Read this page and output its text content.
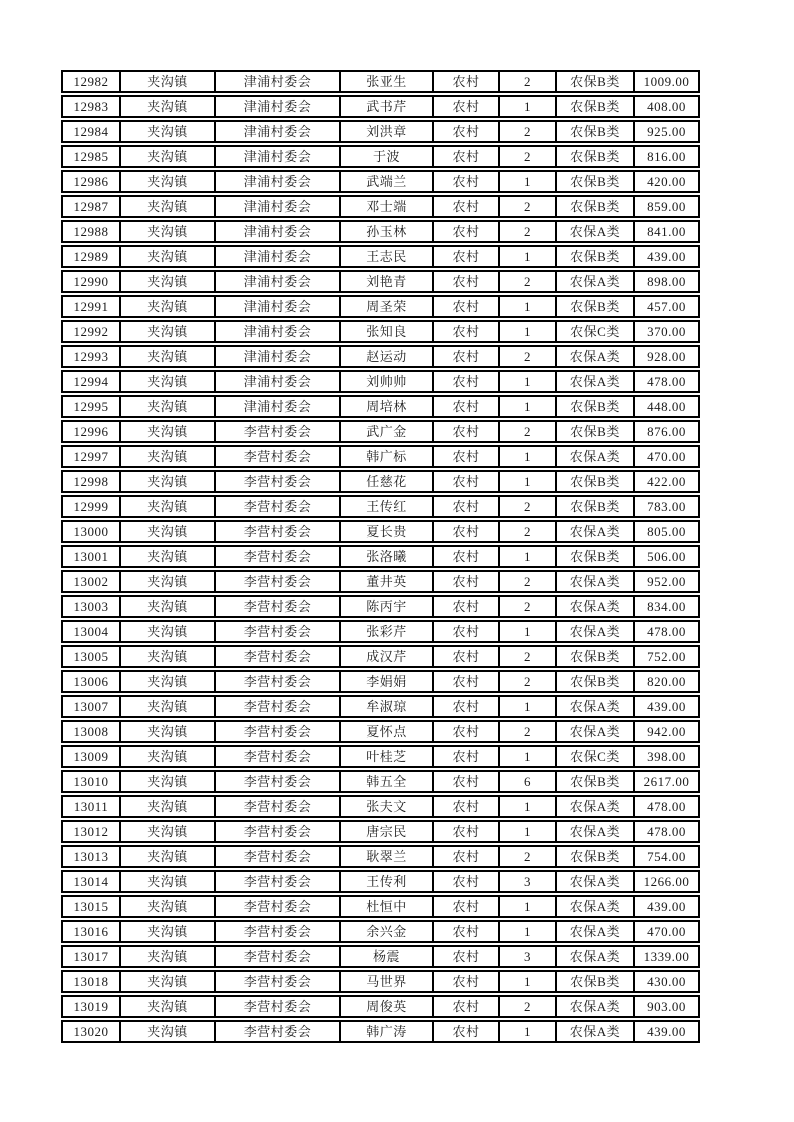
12982	夹沟镇	津浦村委会	张亚生	农村	2	农保B类	1009.00
12983	夹沟镇	津浦村委会	武书芹	农村	1	农保B类	408.00
12984	夹沟镇	津浦村委会	刘洪章	农村	2	农保B类	925.00
12985	夹沟镇	津浦村委会	于波	农村	2	农保B类	816.00
12986	夹沟镇	津浦村委会	武端兰	农村	1	农保B类	420.00
12987	夹沟镇	津浦村委会	邓士端	农村	2	农保B类	859.00
12988	夹沟镇	津浦村委会	孙玉林	农村	2	农保A类	841.00
12989	夹沟镇	津浦村委会	王志民	农村	1	农保B类	439.00
12990	夹沟镇	津浦村委会	刘艳青	农村	2	农保A类	898.00
12991	夹沟镇	津浦村委会	周圣荣	农村	1	农保B类	457.00
12992	夹沟镇	津浦村委会	张知良	农村	1	农保C类	370.00
12993	夹沟镇	津浦村委会	赵运动	农村	2	农保A类	928.00
12994	夹沟镇	津浦村委会	刘帅帅	农村	1	农保A类	478.00
12995	夹沟镇	津浦村委会	周培林	农村	1	农保B类	448.00
12996	夹沟镇	李营村委会	武广金	农村	2	农保B类	876.00
12997	夹沟镇	李营村委会	韩广标	农村	1	农保A类	470.00
12998	夹沟镇	李营村委会	任慈花	农村	1	农保B类	422.00
12999	夹沟镇	李营村委会	王传红	农村	2	农保B类	783.00
13000	夹沟镇	李营村委会	夏长贵	农村	2	农保A类	805.00
13001	夹沟镇	李营村委会	张洛曦	农村	1	农保B类	506.00
13002	夹沟镇	李营村委会	董井英	农村	2	农保A类	952.00
13003	夹沟镇	李营村委会	陈丙宇	农村	2	农保A类	834.00
13004	夹沟镇	李营村委会	张彩芹	农村	1	农保A类	478.00
13005	夹沟镇	李营村委会	成汉芹	农村	2	农保B类	752.00
13006	夹沟镇	李营村委会	李娟娟	农村	2	农保B类	820.00
13007	夹沟镇	李营村委会	牟淑琼	农村	1	农保A类	439.00
13008	夹沟镇	李营村委会	夏怀点	农村	2	农保A类	942.00
13009	夹沟镇	李营村委会	叶桂芝	农村	1	农保C类	398.00
13010	夹沟镇	李营村委会	韩五全	农村	6	农保B类	2617.00
13011	夹沟镇	李营村委会	张夫文	农村	1	农保A类	478.00
13012	夹沟镇	李营村委会	唐宗民	农村	1	农保A类	478.00
13013	夹沟镇	李营村委会	耿翠兰	农村	2	农保B类	754.00
13014	夹沟镇	李营村委会	王传利	农村	3	农保A类	1266.00
13015	夹沟镇	李营村委会	杜恒中	农村	1	农保A类	439.00
13016	夹沟镇	李营村委会	余兴金	农村	1	农保A类	470.00
13017	夹沟镇	李营村委会	杨震	农村	3	农保A类	1339.00
13018	夹沟镇	李营村委会	马世界	农村	1	农保B类	430.00
13019	夹沟镇	李营村委会	周俊英	农村	2	农保A类	903.00
13020	夹沟镇	李营村委会	韩广涛	农村	1	农保A类	439.00
